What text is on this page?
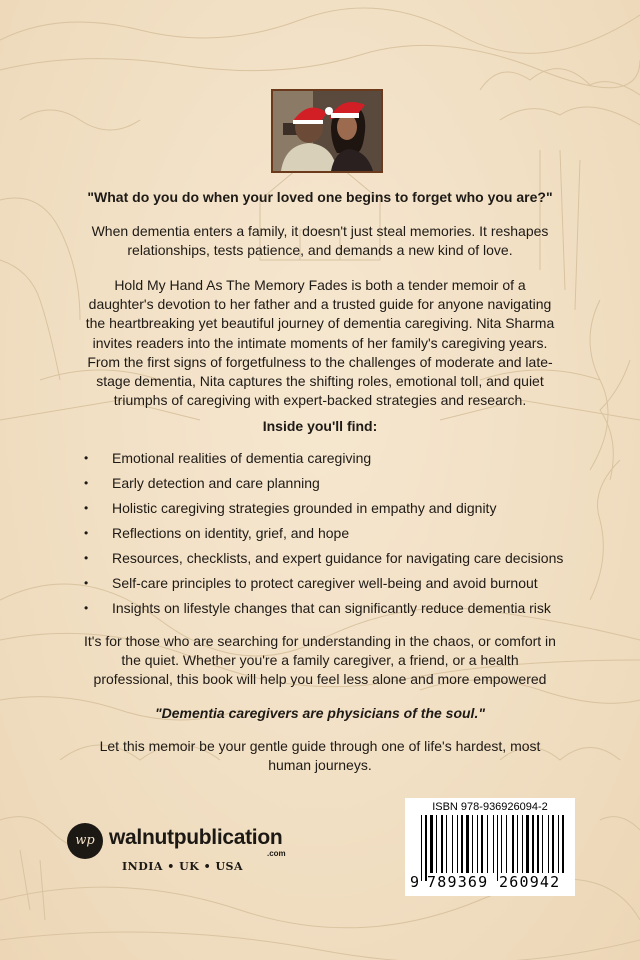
"What do you do when your loved one begins to forget who you are?"
When dementia enters a family, it doesn't just steal memories. It reshapes relationships, tests patience, and demands a new kind of love.
Hold My Hand As The Memory Fades is both a tender memoir of a daughter's devotion to her father and a trusted guide for anyone navigating the heartbreaking yet beautiful journey of dementia caregiving. Nita Sharma invites readers into the intimate moments of her family's caregiving years. From the first signs of forgetfulness to the challenges of moderate and late-stage dementia, Nita captures the shifting roles, emotional toll, and quiet triumphs of caregiving with expert-backed strategies and research.
Inside you'll find:
• Emotional realities of dementia caregiving
• Early detection and care planning
• Holistic caregiving strategies grounded in empathy and dignity
• Reflections on identity, grief, and hope
• Resources, checklists, and expert guidance for navigating care decisions
• Self-care principles to protect caregiver well-being and avoid burnout
• Insights on lifestyle changes that can significantly reduce dementia risk
It's for those who are searching for understanding in the chaos, or comfort in the quiet. Whether you're a family caregiver, a friend, or a health professional, this book will help you feel less alone and more empowered
"Dementia caregivers are physicians of the soul."
Let this memoir be your gentle guide through one of life's hardest, most human journeys.
wp walnutpublication
.com
INDIA • UK • USA
ISBN 978-936926094-2
9 789369 260942
